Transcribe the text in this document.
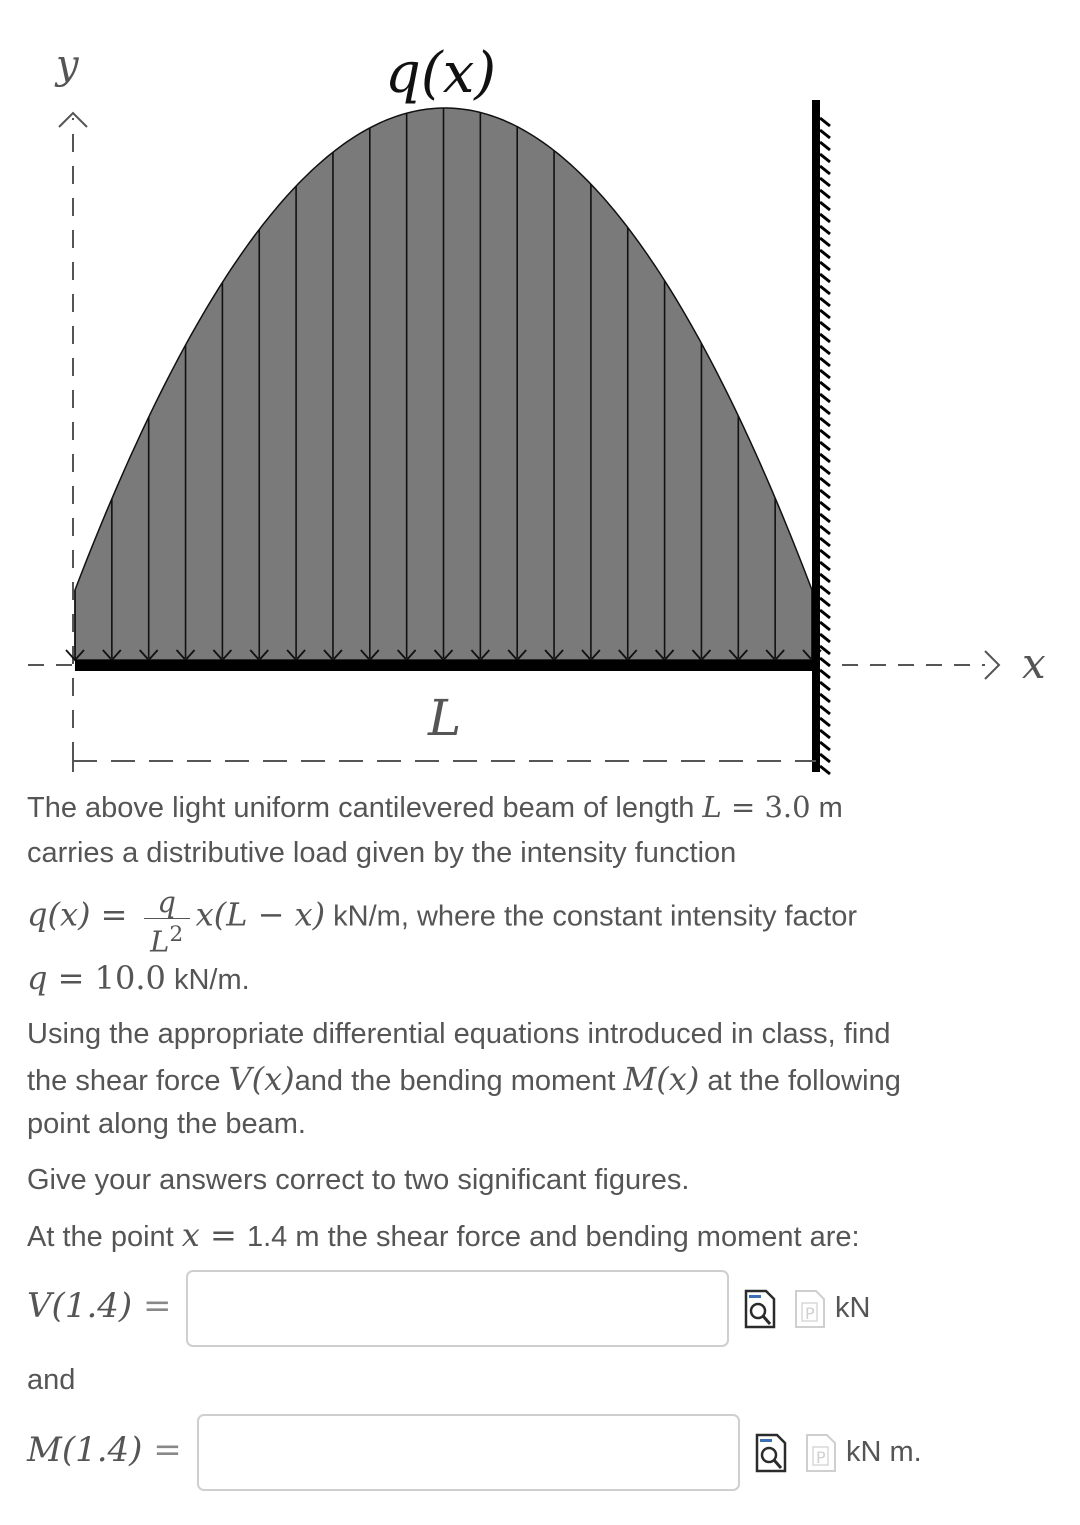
y
x
q(x)
L
The above light uniform cantilevered beam of length L = 3.0 m
carries a distributive load given by the intensity function
$q(x) = \frac{q}{L^2} x(L - x)$ kN/m, where the constant intensity factor
q = 10.0 kN/m.
Using the appropriate differential equations introduced in class, find
the shear force V(x)and the bending moment M(x) at the following
point along the beam.
Give your answers correct to two significant figures.
At the point x = 1.4 m the shear force and bending moment are:
V(1.4) =	P kN
and
M(1.4) =	P kN m.
